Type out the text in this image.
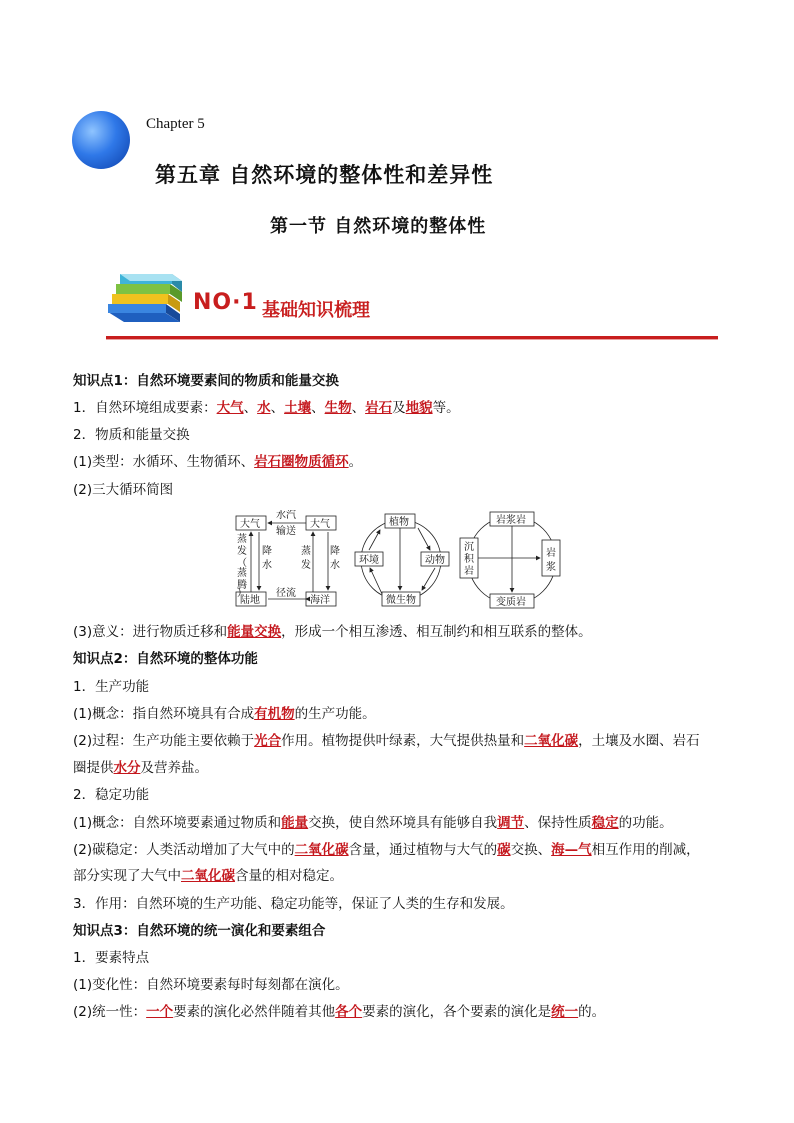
Chapter 5
第五章 自然环境的整体性和差异性
第一节 自然环境的整体性
NO·1 基础知识梳理
知识点1：自然环境要素间的物质和能量交换
1．自然环境组成要素：大气、水、土壤、生物、岩石及地貌等。
2．物质和能量交换
(1)类型：水循环、生物循环、岩石圈物质循环。
(2)三大循环简图
大气	大气
水汽
输送
陆地	海洋
径流
蒸
发
（
蒸
腾
）
降
水
蒸
发
降
水
植物
环境	动物
微生物
岩浆岩
沉
积
岩
岩
浆
变质岩
(3)意义：进行物质迁移和能量交换，形成一个相互渗透、相互制约和相互联系的整体。
知识点2：自然环境的整体功能
1．生产功能
(1)概念：指自然环境具有合成有机物的生产功能。
(2)过程：生产功能主要依赖于光合作用。植物提供叶绿素，大气提供热量和二氧化碳，土壤及水圈、岩石
圈提供水分及营养盐。
2．稳定功能
(1)概念：自然环境要素通过物质和能量交换，使自然环境具有能够自我调节、保持性质稳定的功能。
(2)碳稳定：人类活动增加了大气中的二氧化碳含量，通过植物与大气的碳交换、海—气相互作用的削减，
部分实现了大气中二氧化碳含量的相对稳定。
3．作用：自然环境的生产功能、稳定功能等，保证了人类的生存和发展。
知识点3：自然环境的统一演化和要素组合
1．要素特点
(1)变化性：自然环境要素每时每刻都在演化。
(2)统一性：一个要素的演化必然伴随着其他各个要素的演化，各个要素的演化是统一的。
